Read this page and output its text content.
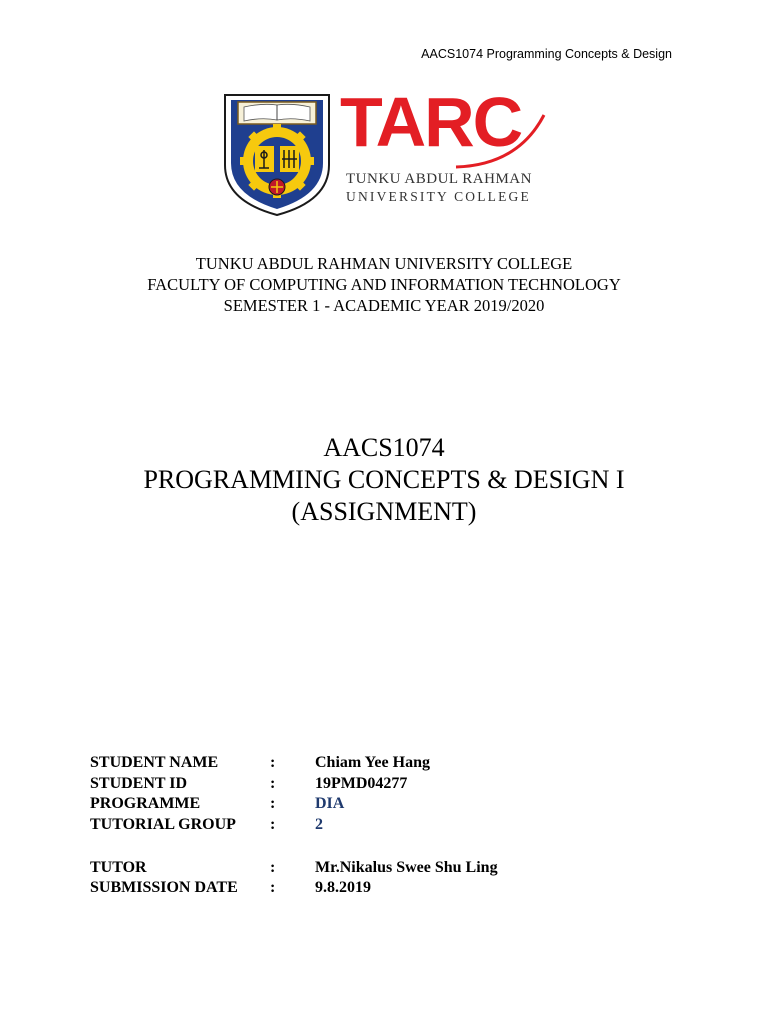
AACS1074 Programming Concepts & Design
TARC
TUNKU ABDUL RAHMAN
UNIVERSITY COLLEGE
TUNKU ABDUL RAHMAN UNIVERSITY COLLEGE
FACULTY OF COMPUTING AND INFORMATION TECHNOLOGY
SEMESTER 1 - ACADEMIC YEAR 2019/2020
AACS1074
PROGRAMMING CONCEPTS & DESIGN I
(ASSIGNMENT)
STUDENT NAME	:	Chiam Yee Hang
STUDENT ID	:	19PMD04277
PROGRAMME	:	DIA
TUTORIAL GROUP	:	2

TUTOR	:	Mr.Nikalus Swee Shu Ling
SUBMISSION DATE	:	9.8.2019
